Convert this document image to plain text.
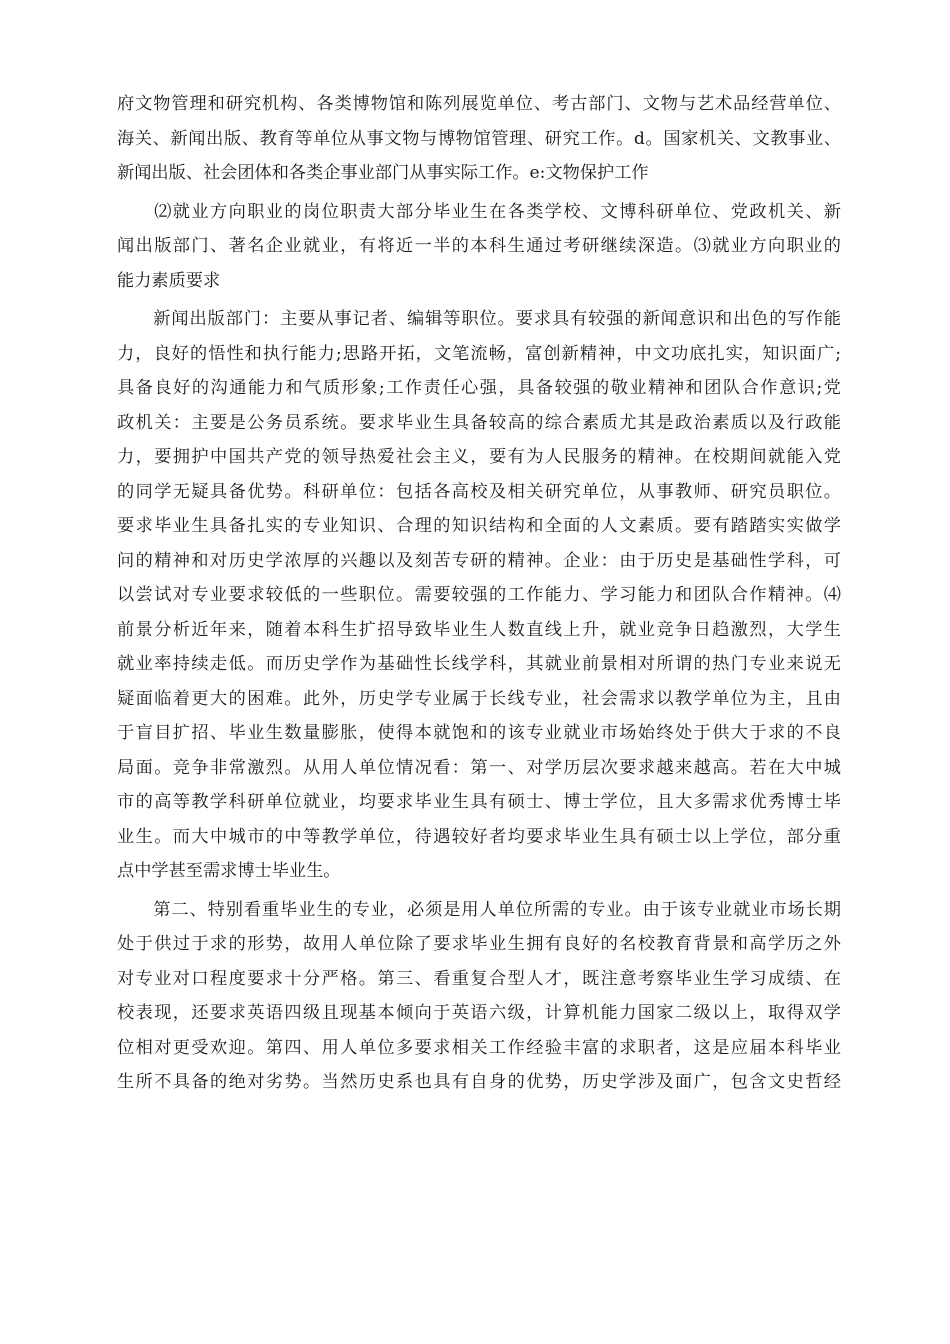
府文物管理和研究机构、各类博物馆和陈列展览单位、考古部门、文物与艺术品经营单位、
海关、新闻出版、教育等单位从事文物与博物馆管理、研究工作。d。国家机关、文教事业、
新闻出版、社会团体和各类企事业部门从事实际工作。e:文物保护工作
　　⑵就业方向职业的岗位职责大部分毕业生在各类学校、文博科研单位、党政机关、新
闻出版部门、著名企业就业，有将近一半的本科生通过考研继续深造。⑶就业方向职业的
能力素质要求
　　新闻出版部门：主要从事记者、编辑等职位。要求具有较强的新闻意识和出色的写作能
力，良好的悟性和执行能力;思路开拓，文笔流畅，富创新精神，中文功底扎实，知识面广;
具备良好的沟通能力和气质形象;工作责任心强，具备较强的敬业精神和团队合作意识;党
政机关：主要是公务员系统。要求毕业生具备较高的综合素质尤其是政治素质以及行政能
力，要拥护中国共产党的领导热爱社会主义，要有为人民服务的精神。在校期间就能入党
的同学无疑具备优势。科研单位：包括各高校及相关研究单位，从事教师、研究员职位。
要求毕业生具备扎实的专业知识、合理的知识结构和全面的人文素质。要有踏踏实实做学
问的精神和对历史学浓厚的兴趣以及刻苦专研的精神。企业：由于历史是基础性学科，可
以尝试对专业要求较低的一些职位。需要较强的工作能力、学习能力和团队合作精神。⑷
前景分析近年来，随着本科生扩招导致毕业生人数直线上升，就业竞争日趋激烈，大学生
就业率持续走低。而历史学作为基础性长线学科，其就业前景相对所谓的热门专业来说无
疑面临着更大的困难。此外，历史学专业属于长线专业，社会需求以教学单位为主，且由
于盲目扩招、毕业生数量膨胀，使得本就饱和的该专业就业市场始终处于供大于求的不良
局面。竞争非常激烈。从用人单位情况看：第一、对学历层次要求越来越高。若在大中城
市的高等教学科研单位就业，均要求毕业生具有硕士、博士学位，且大多需求优秀博士毕
业生。而大中城市的中等教学单位，待遇较好者均要求毕业生具有硕士以上学位，部分重
点中学甚至需求博士毕业生。
　　第二、特别看重毕业生的专业，必须是用人单位所需的专业。由于该专业就业市场长期
处于供过于求的形势，故用人单位除了要求毕业生拥有良好的名校教育背景和高学历之外
对专业对口程度要求十分严格。第三、看重复合型人才，既注意考察毕业生学习成绩、在
校表现，还要求英语四级且现基本倾向于英语六级，计算机能力国家二级以上，取得双学
位相对更受欢迎。第四、用人单位多要求相关工作经验丰富的求职者，这是应届本科毕业
生所不具备的绝对劣势。当然历史系也具有自身的优势，历史学涉及面广，包含文史哲经
